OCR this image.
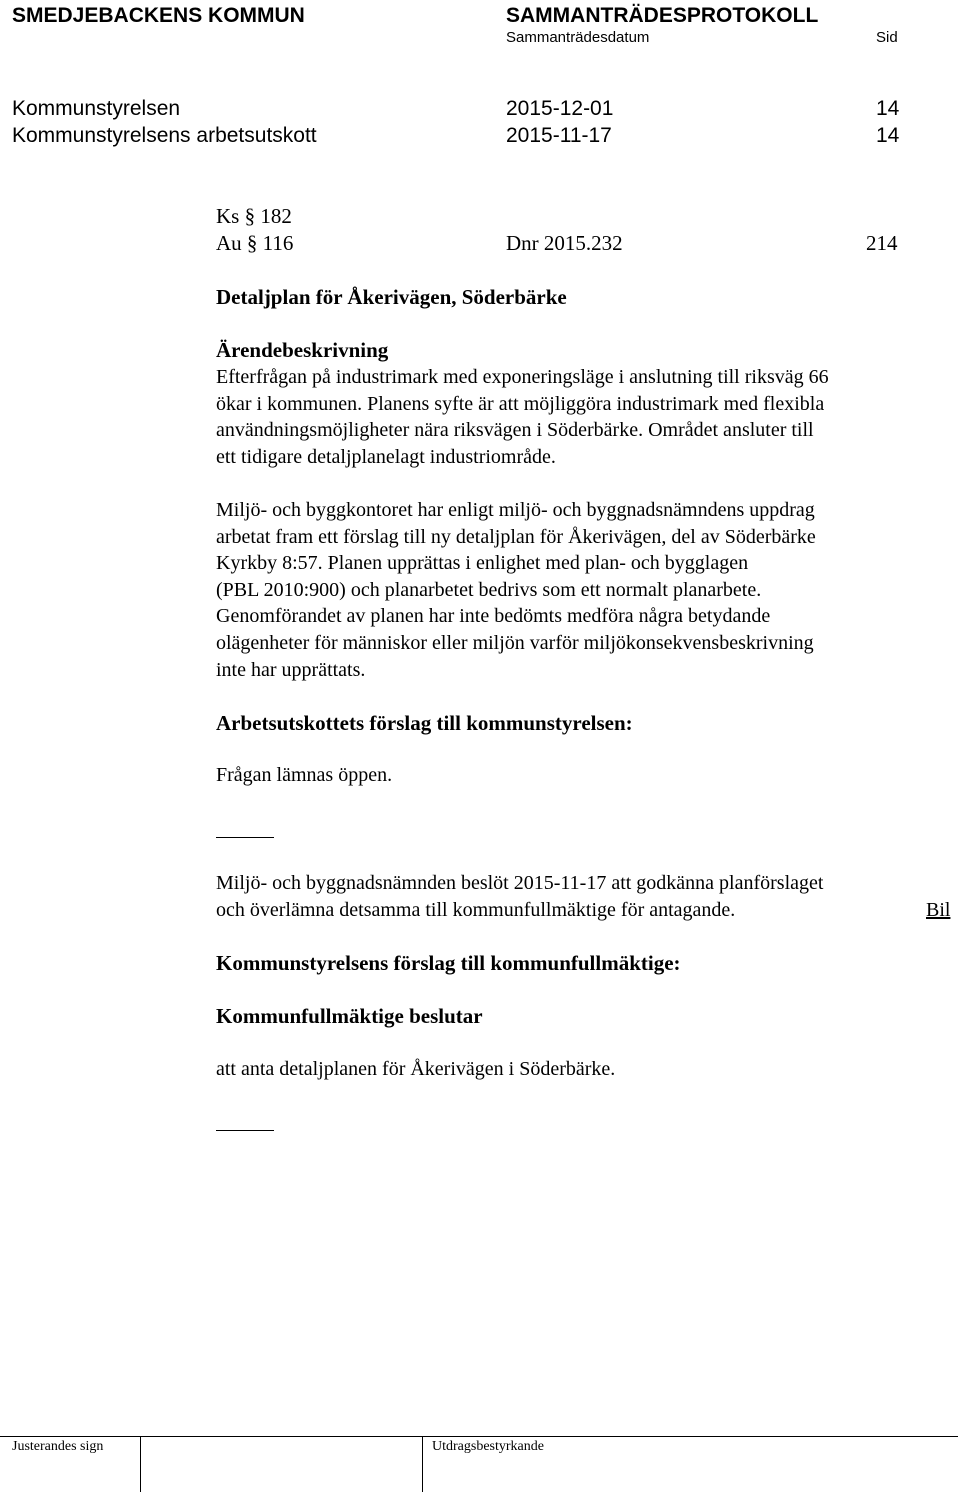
SMEDJEBACKENS KOMMUN	SAMMANTRÄDESPROTOKOLL
Sammanträdesdatum	Sid
Kommunstyrelsen	2015-12-01	14
Kommunstyrelsens arbetsutskott	2015-11-17	14
Ks § 182
Au § 116	Dnr 2015.232	214
Detaljplan för Åkerivägen, Söderbärke
Ärendebeskrivning
Efterfrågan på industrimark med exponeringsläge i anslutning till riksväg 66
ökar i kommunen. Planens syfte är att möjliggöra industrimark med flexibla
användningsmöjligheter nära riksvägen i Söderbärke. Området ansluter till
ett tidigare detaljplanelagt industriområde.
Miljö- och byggkontoret har enligt miljö- och byggnadsnämndens uppdrag
arbetat fram ett förslag till ny detaljplan för Åkerivägen, del av Söderbärke
Kyrkby 8:57. Planen upprättas i enlighet med plan- och bygglagen
(PBL 2010:900) och planarbetet bedrivs som ett normalt planarbete.
Genomförandet av planen har inte bedömts medföra några betydande
olägenheter för människor eller miljön varför miljökonsekvensbeskrivning
inte har upprättats.
Arbetsutskottets förslag till kommunstyrelsen:
Frågan lämnas öppen.
Miljö- och byggnadsnämnden beslöt 2015-11-17 att godkänna planförslaget
och överlämna detsamma till kommunfullmäktige för antagande.	Bil
Kommunstyrelsens förslag till kommunfullmäktige:
Kommunfullmäktige beslutar
att anta detaljplanen för Åkerivägen i Söderbärke.
Justerandes sign	Utdragsbestyrkande
